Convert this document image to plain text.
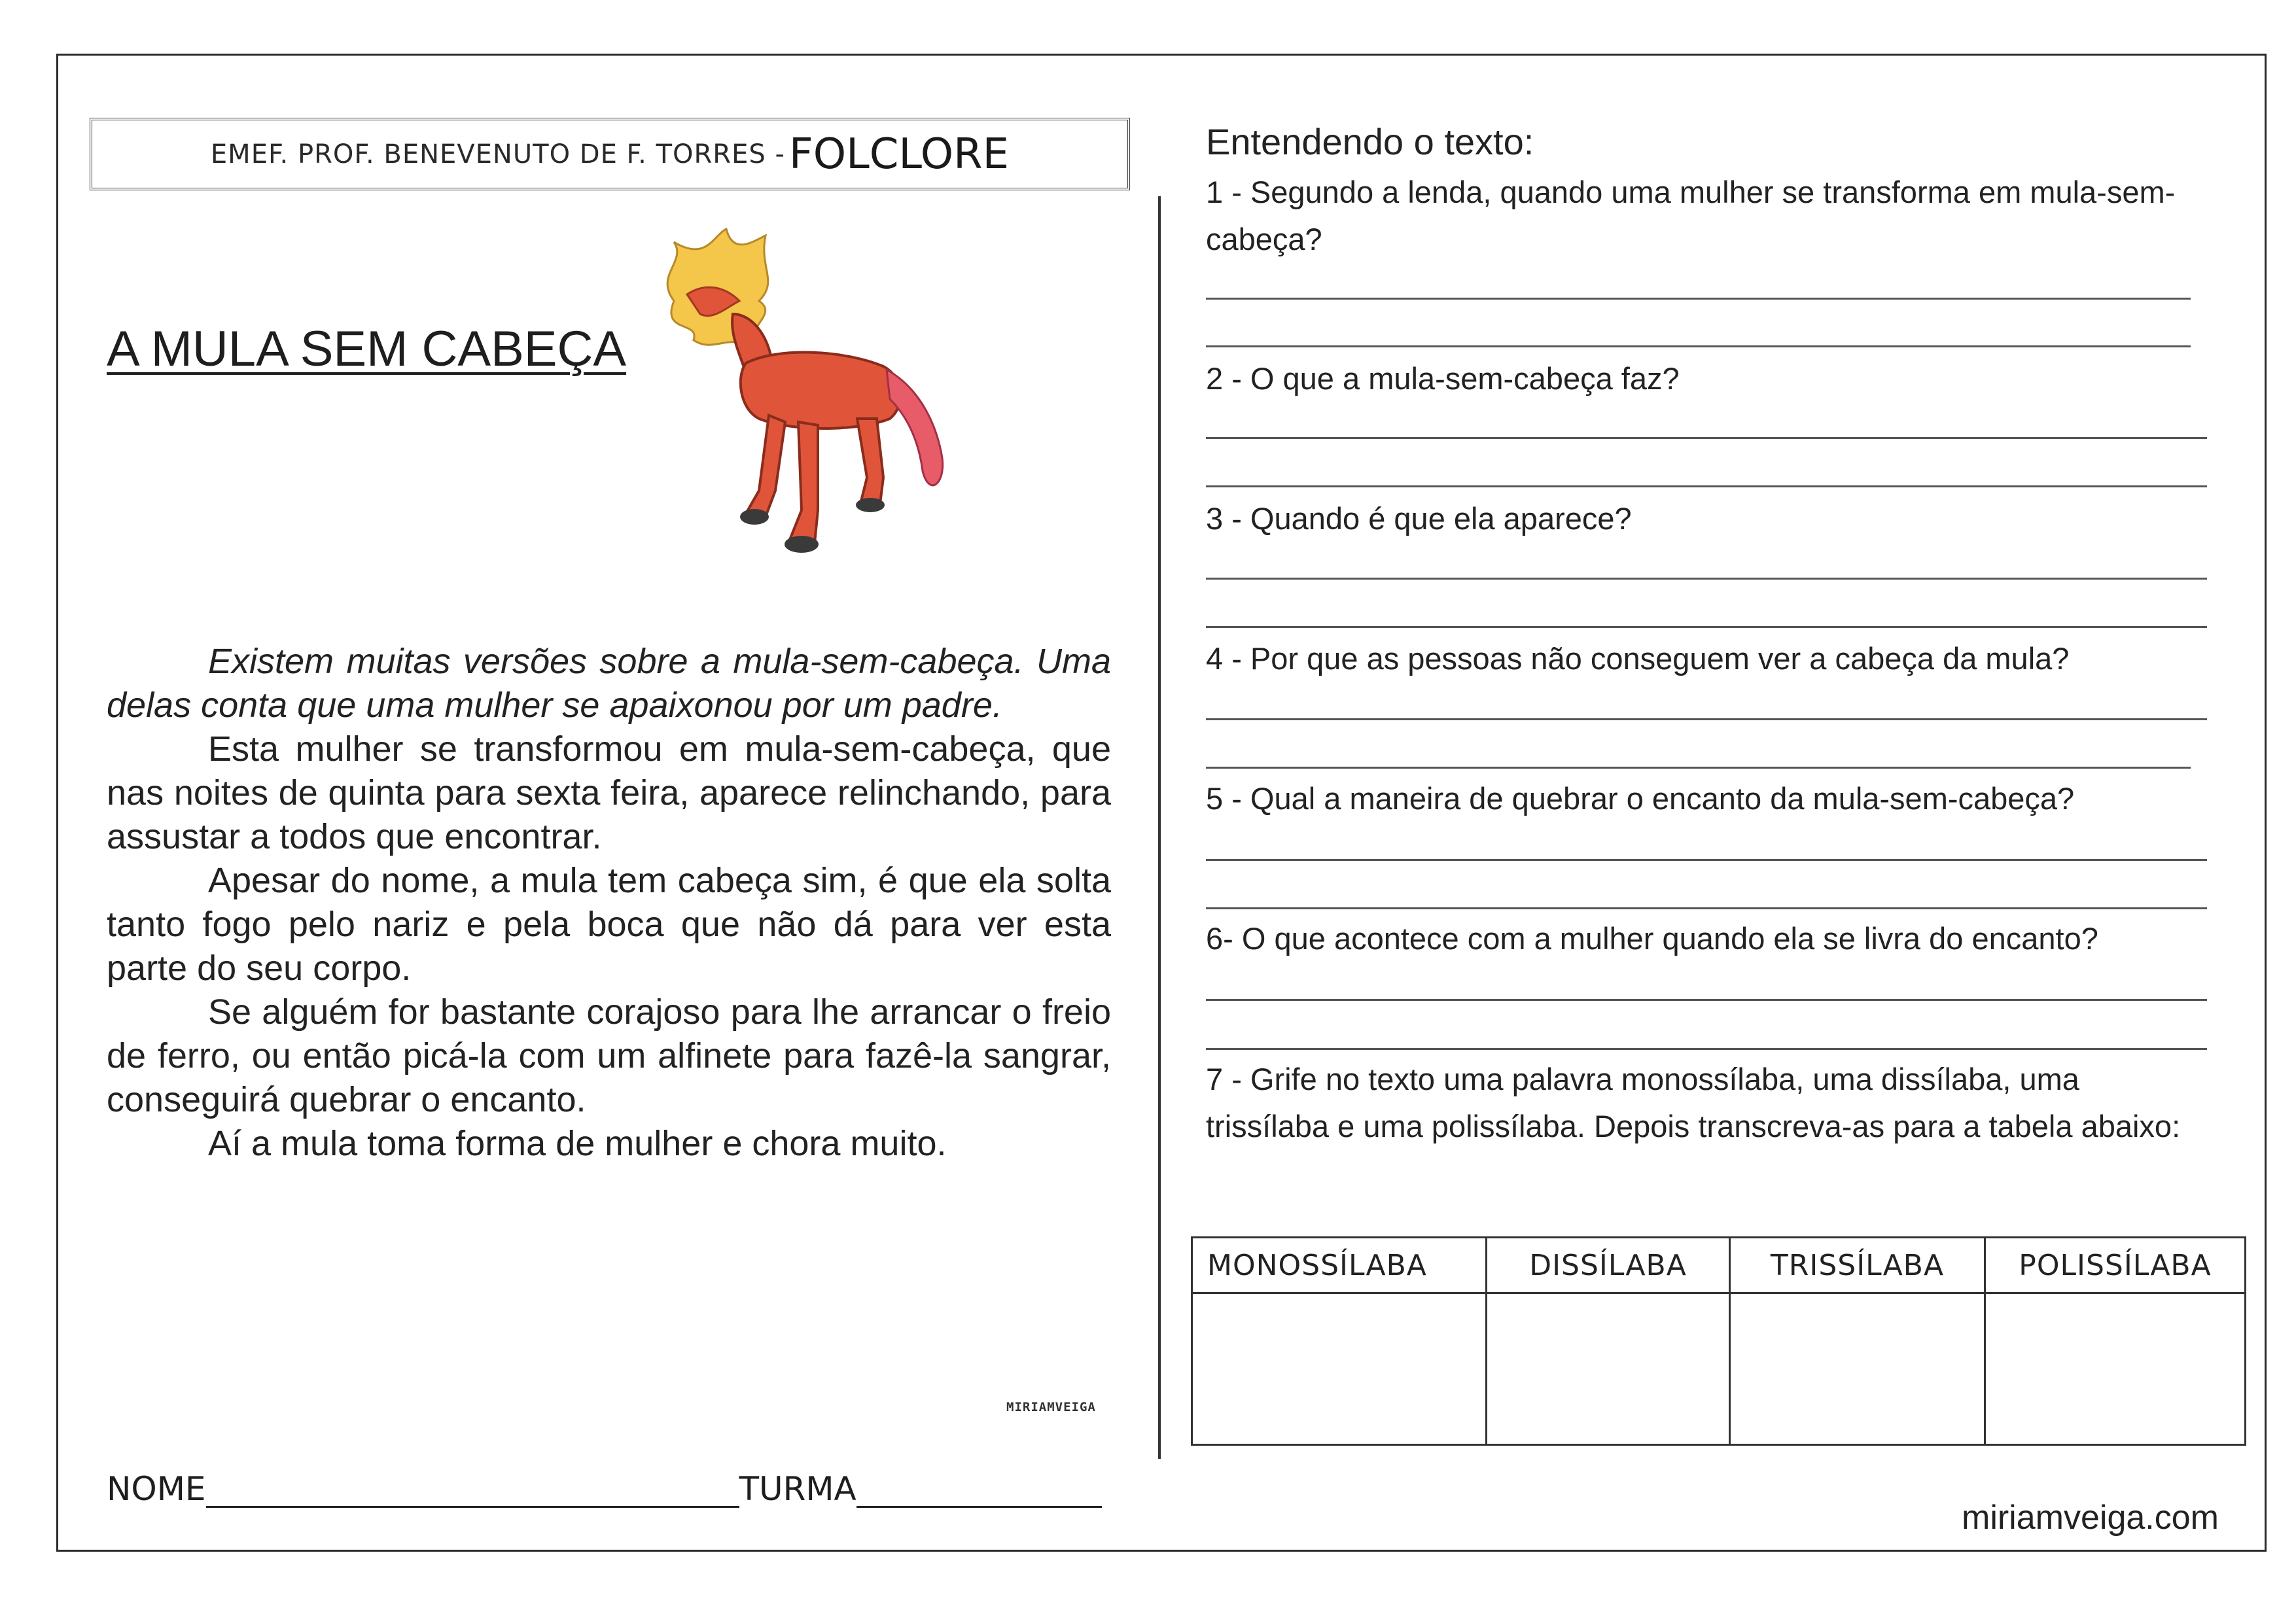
EMEF. PROF. BENEVENUTO DE F. TORRES - FOLCLORE
A MULA SEM CABEÇA

Existem muitas versões sobre a mula-sem-cabeça. Uma delas conta que uma mulher se apaixonou por um padre.

Esta mulher se transformou em mula-sem-cabeça, que nas noites de quinta para sexta feira, aparece relinchando, para assustar a todos que encontrar.

Apesar do nome, a mula tem cabeça sim, é que ela solta tanto fogo pelo nariz e pela boca que não dá para ver esta parte do seu corpo.

Se alguém for bastante corajoso para lhe arrancar o freio de ferro, ou então picá-la com um alfinete para fazê-la sangrar, conseguirá quebrar o encanto.

Aí a mula toma forma de mulher e chora muito.

MIRIAMVEIGA
NOME	TURMA
Entendendo o texto:
1 - Segundo a lenda, quando uma mulher se transforma em mula-sem-cabeça?
2 - O que a mula-sem-cabeça faz?
3 - Quando é que ela aparece?
4 - Por que as pessoas não conseguem ver a cabeça da mula?
5 - Qual a maneira de quebrar o encanto da mula-sem-cabeça?
6- O que acontece com a mulher quando ela se livra do encanto?
7 - Grife no texto uma palavra monossílaba, uma dissílaba, uma trissílaba e uma polissílaba. Depois transcreva-as para a tabela abaixo:
MONOSSÍLABA	DISSÍLABA	TRISSÍLABA	POLISSÍLABA

miriamveiga.com
